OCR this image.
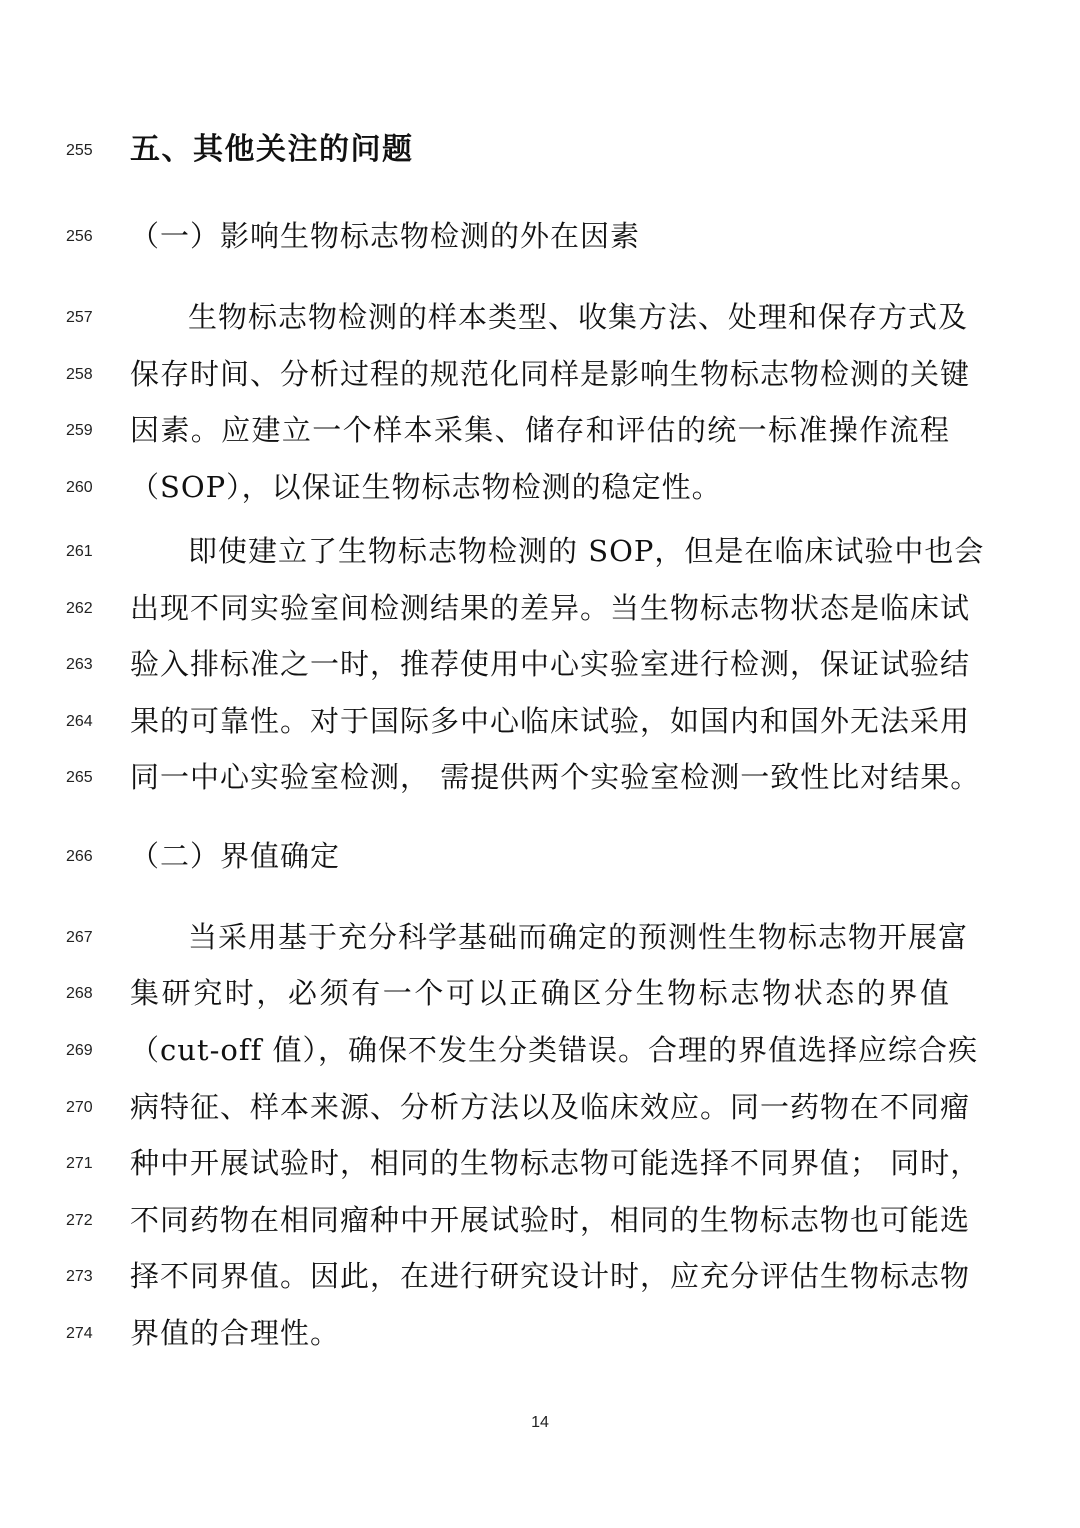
255	五、其他关注的问题
256	（一）影响生物标志物检测的外在因素
257	生物标志物检测的样本类型、收集方法、处理和保存方式及
258	保存时间、分析过程的规范化同样是影响生物标志物检测的关键
259	因素。应建立一个样本采集、储存和评估的统一标准操作流程
260	（SOP），以保证生物标志物检测的稳定性。
261	即使建立了生物标志物检测的 SOP，但是在临床试验中也会
262	出现不同实验室间检测结果的差异。当生物标志物状态是临床试
263	验入排标准之一时，推荐使用中心实验室进行检测，保证试验结
264	果的可靠性。对于国际多中心临床试验，如国内和国外无法采用
265	同一中心实验室检测， 需提供两个实验室检测一致性比对结果。
266	（二）界值确定
267	当采用基于充分科学基础而确定的预测性生物标志物开展富
268	集研究时，必须有一个可以正确区分生物标志物状态的界值
269	（cut-off 值），确保不发生分类错误。合理的界值选择应综合疾
270	病特征、样本来源、分析方法以及临床效应。同一药物在不同瘤
271	种中开展试验时，相同的生物标志物可能选择不同界值； 同时，
272	不同药物在相同瘤种中开展试验时，相同的生物标志物也可能选
273	择不同界值。因此，在进行研究设计时，应充分评估生物标志物
274	界值的合理性。
14
